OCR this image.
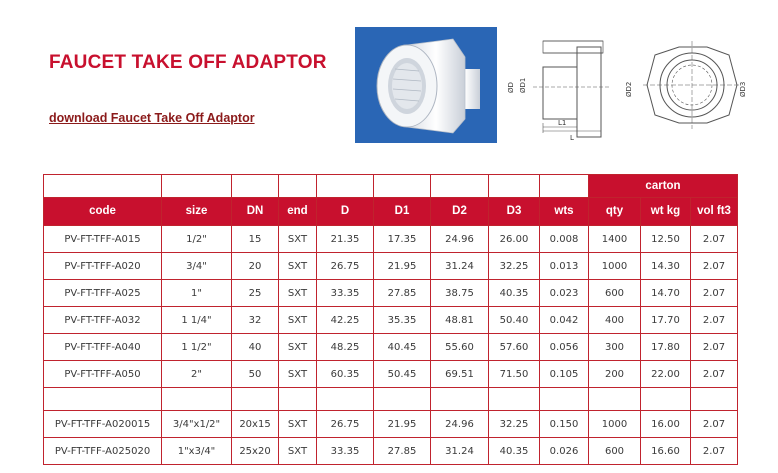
FAUCET TAKE OFF ADAPTOR
download Faucet Take Off Adaptor
ØD ØD1
L1
L
ØD2	ØD3
									carton		
code	size	DN	end	D	D1	D2	D3	wts	qty	wt kg	vol ft3
PV-FT-TFF-A015	1/2"	15	SXT	21.35	17.35	24.96	26.00	0.008	1400	12.50	2.07
PV-FT-TFF-A020	3/4"	20	SXT	26.75	21.95	31.24	32.25	0.013	1000	14.30	2.07
PV-FT-TFF-A025	1"	25	SXT	33.35	27.85	38.75	40.35	0.023	600	14.70	2.07
PV-FT-TFF-A032	1 1/4"	32	SXT	42.25	35.35	48.81	50.40	0.042	400	17.70	2.07
PV-FT-TFF-A040	1 1/2"	40	SXT	48.25	40.45	55.60	57.60	0.056	300	17.80	2.07
PV-FT-TFF-A050	2"	50	SXT	60.35	50.45	69.51	71.50	0.105	200	22.00	2.07

PV-FT-TFF-A020015	3/4"x1/2"	20x15	SXT	26.75	21.95	24.96	32.25	0.150	1000	16.00	2.07
PV-FT-TFF-A025020	1"x3/4"	25x20	SXT	33.35	27.85	31.24	40.35	0.026	600	16.60	2.07
